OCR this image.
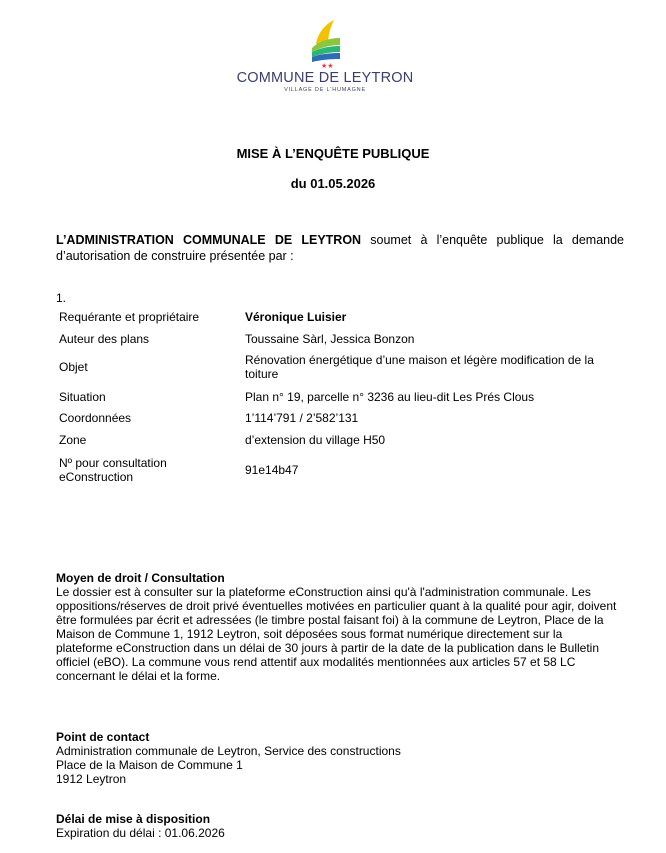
★★
COMMUNE DE LEYTRON
VILLAGE DE L'HUMAGNE
MISE À L’ENQUÊTE PUBLIQUE
du 01.05.2026
L’ADMINISTRATION COMMUNALE DE LEYTRON soumet à l’enquête publique la demande d’autorisation de construire présentée par :
1.
Requérante et propriétaire	Véronique Luisier
Auteur des plans	Toussaine Sàrl, Jessica Bonzon
Objet	Rénovation énergétique d’une maison et légère modification de la toiture
Situation	Plan n° 19, parcelle n° 3236 au lieu-dit Les Prés Clous
Coordonnées	1’114’791 / 2’582’131
Zone	d’extension du village H50
Nº pour consultation eConstruction	91e14b47
Moyen de droit / Consultation
Le dossier est à consulter sur la plateforme eConstruction ainsi qu'à l'administration communale. Les oppositions/réserves de droit privé éventuelles motivées en particulier quant à la qualité pour agir, doivent être formulées par écrit et adressées (le timbre postal faisant foi) à la commune de Leytron, Place de la Maison de Commune 1, 1912 Leytron, soit déposées sous format numérique directement sur la plateforme eConstruction dans un délai de 30 jours à partir de la date de la publication dans le Bulletin officiel (eBO). La commune vous rend attentif aux modalités mentionnées aux articles 57 et 58 LC concernant le délai et la forme.
Point de contact
Administration communale de Leytron, Service des constructions
Place de la Maison de Commune 1
1912 Leytron
Délai de mise à disposition
Expiration du délai : 01.06.2026
